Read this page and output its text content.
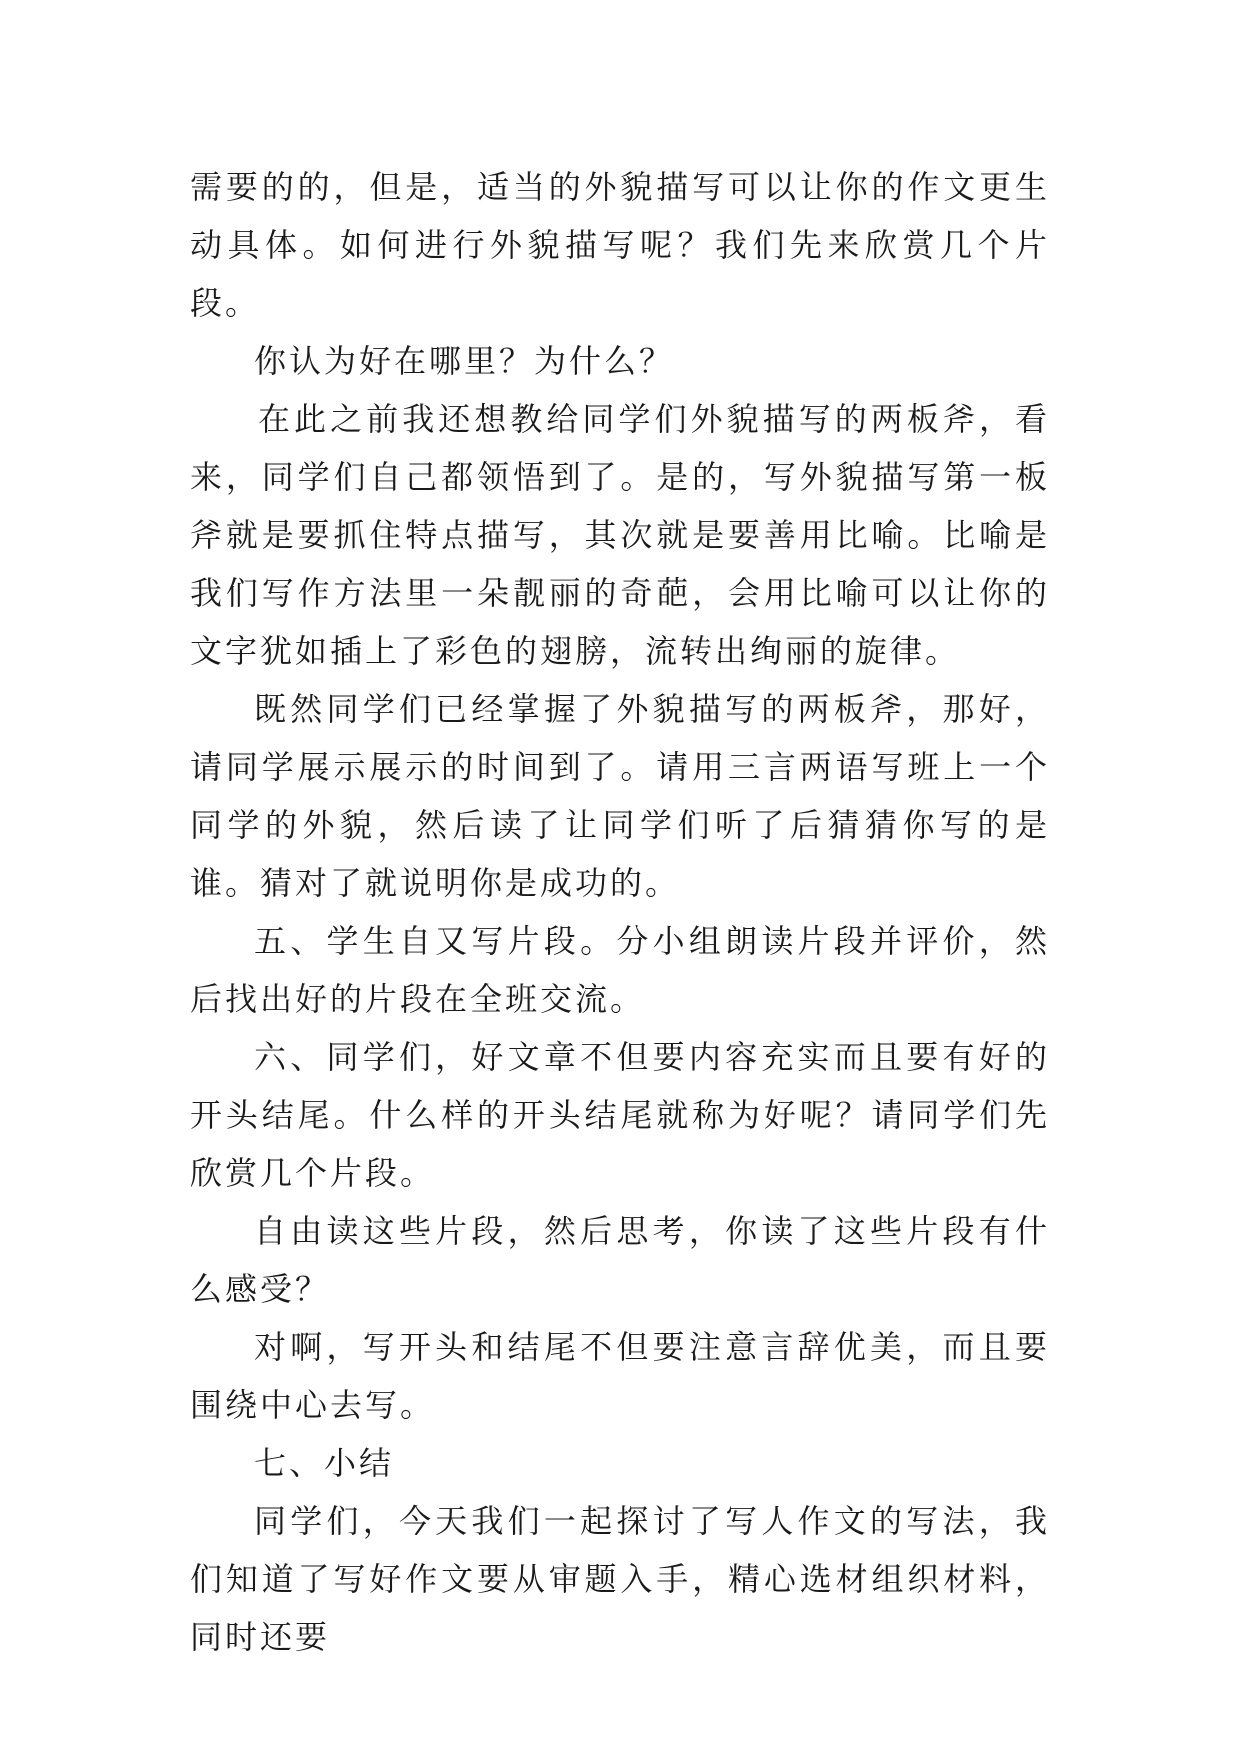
需要的的，但是，适当的外貌描写可以让你的作文更生动具体。如何进行外貌描写呢？我们先来欣赏几个片段。

你认为好在哪里？为什么？

在此之前我还想教给同学们外貌描写的两板斧，看来，同学们自己都领悟到了。是的，写外貌描写第一板斧就是要抓住特点描写，其次就是要善用比喻。比喻是我们写作方法里一朵靓丽的奇葩，会用比喻可以让你的文字犹如插上了彩色的翅膀，流转出绚丽的旋律。

既然同学们已经掌握了外貌描写的两板斧，那好，请同学展示展示的时间到了。请用三言两语写班上一个同学的外貌，然后读了让同学们听了后猜猜你写的是谁。猜对了就说明你是成功的。

五、学生自又写片段。分小组朗读片段并评价，然后找出好的片段在全班交流。

六、同学们，好文章不但要内容充实而且要有好的开头结尾。什么样的开头结尾就称为好呢？请同学们先欣赏几个片段。

自由读这些片段，然后思考，你读了这些片段有什么感受？

对啊，写开头和结尾不但要注意言辞优美，而且要围绕中心去写。

七、小结

同学们，今天我们一起探讨了写人作文的写法，我们知道了写好作文要从审题入手，精心选材组织材料，同时还要
